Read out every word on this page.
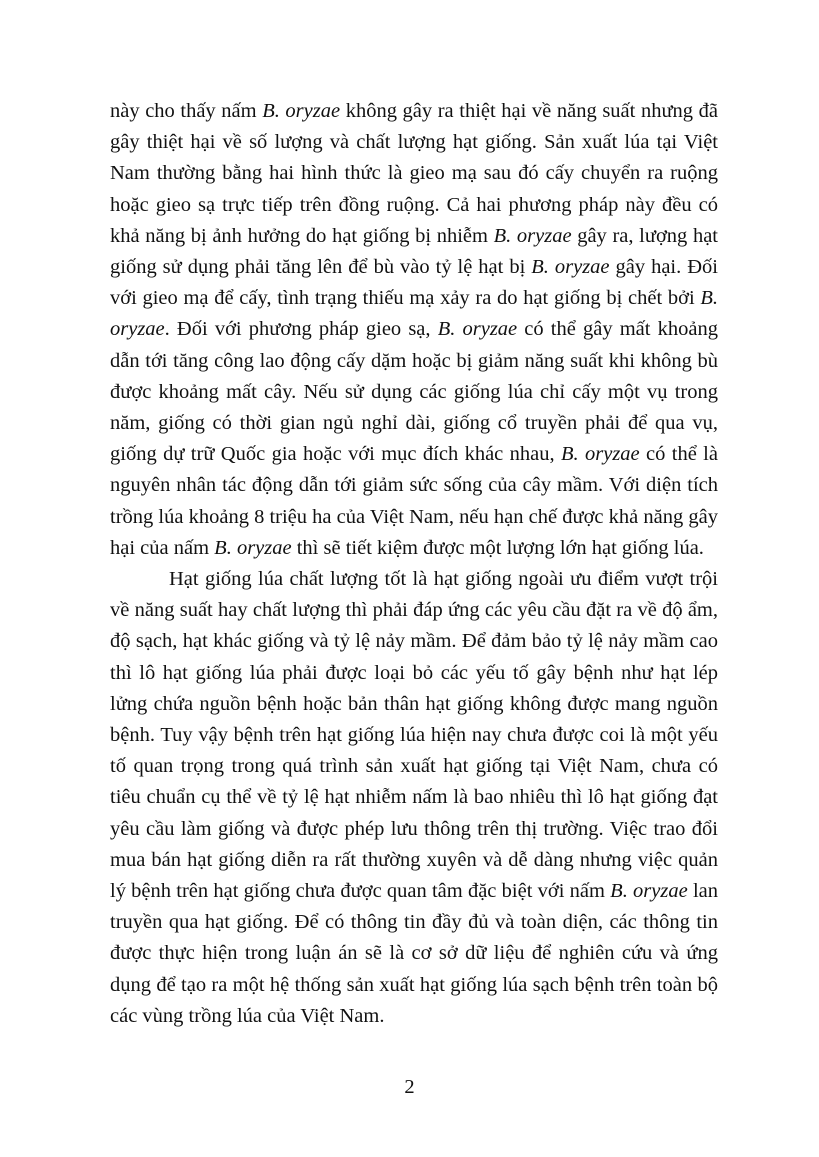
này cho thấy nấm B. oryzae không gây ra thiệt hại về năng suất nhưng đã gây thiệt hại về số lượng và chất lượng hạt giống. Sản xuất lúa tại Việt Nam thường bằng hai hình thức là gieo mạ sau đó cấy chuyển ra ruộng hoặc gieo sạ trực tiếp trên đồng ruộng. Cả hai phương pháp này đều có khả năng bị ảnh hưởng do hạt giống bị nhiễm B. oryzae gây ra, lượng hạt giống sử dụng phải tăng lên để bù vào tỷ lệ hạt bị B. oryzae gây hại. Đối với gieo mạ để cấy, tình trạng thiếu mạ xảy ra do hạt giống bị chết bởi B. oryzae. Đối với phương pháp gieo sạ, B. oryzae có thể gây mất khoảng dẫn tới tăng công lao động cấy dặm hoặc bị giảm năng suất khi không bù được khoảng mất cây. Nếu sử dụng các giống lúa chỉ cấy một vụ trong năm, giống có thời gian ngủ nghỉ dài, giống cổ truyền phải để qua vụ, giống dự trữ Quốc gia hoặc với mục đích khác nhau, B. oryzae có thể là nguyên nhân tác động dẫn tới giảm sức sống của cây mầm. Với diện tích trồng lúa khoảng 8 triệu ha của Việt Nam, nếu hạn chế được khả năng gây hại của nấm B. oryzae thì sẽ tiết kiệm được một lượng lớn hạt giống lúa.

Hạt giống lúa chất lượng tốt là hạt giống ngoài ưu điểm vượt trội về năng suất hay chất lượng thì phải đáp ứng các yêu cầu đặt ra về độ ẩm, độ sạch, hạt khác giống và tỷ lệ nảy mầm. Để đảm bảo tỷ lệ nảy mầm cao thì lô hạt giống lúa phải được loại bỏ các yếu tố gây bệnh như hạt lép lửng chứa nguồn bệnh hoặc bản thân hạt giống không được mang nguồn bệnh. Tuy vậy bệnh trên hạt giống lúa hiện nay chưa được coi là một yếu tố quan trọng trong quá trình sản xuất hạt giống tại Việt Nam, chưa có tiêu chuẩn cụ thể về tỷ lệ hạt nhiễm nấm là bao nhiêu thì lô hạt giống đạt yêu cầu làm giống và được phép lưu thông trên thị trường. Việc trao đổi mua bán hạt giống diễn ra rất thường xuyên và dễ dàng nhưng việc quản lý bệnh trên hạt giống chưa được quan tâm đặc biệt với nấm B. oryzae lan truyền qua hạt giống. Để có thông tin đầy đủ và toàn diện, các thông tin được thực hiện trong luận án sẽ là cơ sở dữ liệu để nghiên cứu và ứng dụng để tạo ra một hệ thống sản xuất hạt giống lúa sạch bệnh trên toàn bộ các vùng trồng lúa của Việt Nam.

2
